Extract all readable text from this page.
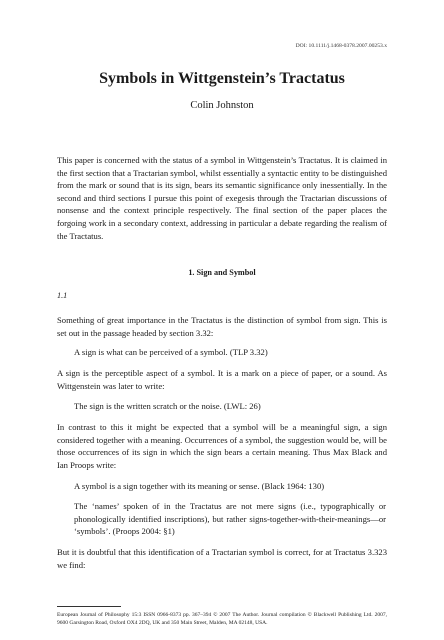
DOI: 10.1111/j.1468-0378.2007.00253.x
Symbols in Wittgenstein’s Tractatus
Colin Johnston

This paper is concerned with the status of a symbol in Wittgenstein’s Tractatus. It is claimed in the first section that a Tractarian symbol, whilst essentially a syntactic entity to be distinguished from the mark or sound that is its sign, bears its semantic significance only inessentially. In the second and third sections I pursue this point of exegesis through the Tractarian discussions of nonsense and the context principle respectively. The final section of the paper places the forgoing work in a secondary context, addressing in particular a debate regarding the realism of the Tractatus.

1. Sign and Symbol
1.1
Something of great importance in the Tractatus is the distinction of symbol from sign. This is set out in the passage headed by section 3.32:
A sign is what can be perceived of a symbol. (TLP 3.32)
A sign is the perceptible aspect of a symbol. It is a mark on a piece of paper, or a sound. As Wittgenstein was later to write:
The sign is the written scratch or the noise. (LWL: 26)
In contrast to this it might be expected that a symbol will be a meaningful sign, a sign considered together with a meaning. Occurrences of a symbol, the suggestion would be, will be those occurrences of its sign in which the sign bears a certain meaning. Thus Max Black and Ian Proops write:
A symbol is a sign together with its meaning or sense. (Black 1964: 130)
The ‘names’ spoken of in the Tractatus are not mere signs (i.e., typographically or phonologically identified inscriptions), but rather signs-together-with-their-meanings—or ‘symbols’. (Proops 2004: §1)
But it is doubtful that this identification of a Tractarian symbol is correct, for at Tractatus 3.323 we find:
European Journal of Philosophy 15:3 ISSN 0966-8373 pp. 367–394 © 2007 The Author. Journal compilation © Blackwell Publishing Ltd. 2007, 9600 Garsington Road, Oxford OX4 2DQ, UK and 350 Main Street, Malden, MA 02148, USA.
